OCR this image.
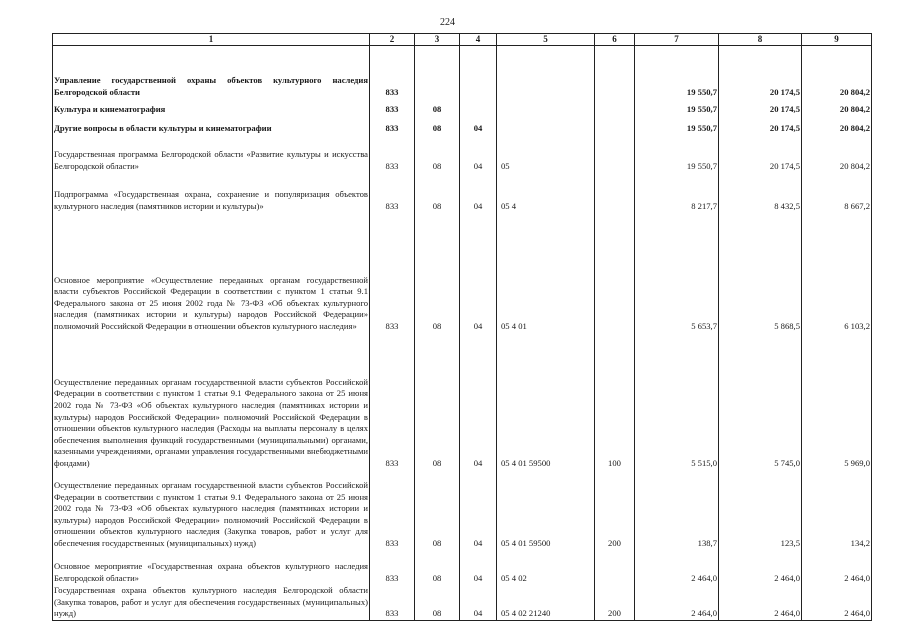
224
1	2	3	4	5	6	7	8	9
Управление государственной охраны объектов культурного наследия Белгородской области	833					19 550,7	20 174,5	20 804,2
Культура и кинематография	833	08				19 550,7	20 174,5	20 804,2
Другие вопросы в области культуры и кинематографии	833	08	04			19 550,7	20 174,5	20 804,2
Государственная программа Белгородской области «Развитие культуры и искусства Белгородской области»	833	08	04	05		19 550,7	20 174,5	20 804,2
Подпрограмма «Государственная охрана, сохранение и популяризация объектов культурного наследия (памятников истории и культуры)»	833	08	04	05 4		8 217,7	8 432,5	8 667,2
Основное мероприятие «Осуществление переданных органам государственной власти субъектов Российской Федерации в соответствии с пунктом 1 статьи 9.1 Федерального закона от 25 июня 2002 года № 73-ФЗ «Об объектах культурного наследия (памятниках истории и культуры) народов Российской Федерации» полномочий Российской Федерации в отношении объектов культурного наследия»	833	08	04	05 4 01		5 653,7	5 868,5	6 103,2
Осуществление переданных органам государственной власти субъектов Российской Федерации в соответствии с пунктом 1 статьи 9.1 Федерального закона от 25 июня 2002 года № 73-ФЗ «Об объектах культурного наследия (памятниках истории и культуры) народов Российской Федерации» полномочий Российской Федерации в отношении объектов культурного наследия (Расходы на выплаты персоналу в целях обеспечения выполнения функций государственными (муниципальными) органами, казенными учреждениями, органами управления государственными внебюджетными фондами)	833	08	04	05 4 01 59500	100	5 515,0	5 745,0	5 969,0
Осуществление переданных органам государственной власти субъектов Российской Федерации в соответствии с пунктом 1 статьи 9.1 Федерального закона от 25 июня 2002 года № 73-ФЗ «Об объектах культурного наследия (памятниках истории и культуры) народов Российской Федерации» полномочий Российской Федерации в отношении объектов культурного наследия (Закупка товаров, работ и услуг для обеспечения государственных (муниципальных) нужд)	833	08	04	05 4 01 59500	200	138,7	123,5	134,2
Основное мероприятие «Государственная охрана объектов культурного наследия Белгородской области»	833	08	04	05 4 02		2 464,0	2 464,0	2 464,0
Государственная охрана объектов культурного наследия Белгородской области (Закупка товаров, работ и услуг для обеспечения государственных (муниципальных) нужд)	833	08	04	05 4 02 21240	200	2 464,0	2 464,0	2 464,0
